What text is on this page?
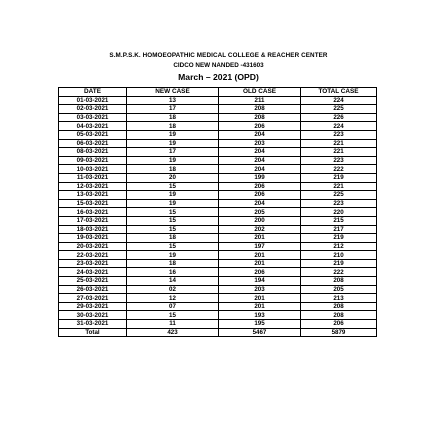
S.M.P.S.K. HOMOEOPATHIC MEDICAL COLLEGE & REACHER CENTER
CIDCO NEW NANDED -431603
March – 2021 (OPD)
DATE	NEW CASE	OLD CASE	TOTAL CASE
01-03-2021	13	211	224
02-03-2021	17	208	225
03-03-2021	18	208	226
04-03-2021	18	206	224
05-03-2021	19	204	223
06-03-2021	19	203	221
08-03-2021	17	204	221
09-03-2021	19	204	223
10-03-2021	18	204	222
11-03-2021	20	199	219
12-03-2021	15	206	221
13-03-2021	19	206	225
15-03-2021	19	204	223
16-03-2021	15	205	220
17-03-2021	15	200	215
18-03-2021	15	202	217
19-03-2021	18	201	219
20-03-2021	15	197	212
22-03-2021	19	201	210
23-03-2021	18	201	219
24-03-2021	16	206	222
25-03-2021	14	194	208
26-03-2021	02	203	205
27-03-2021	12	201	213
29-03-2021	07	201	208
30-03-2021	15	193	208
31-03-2021	11	195	206
Total	423	5467	5879
